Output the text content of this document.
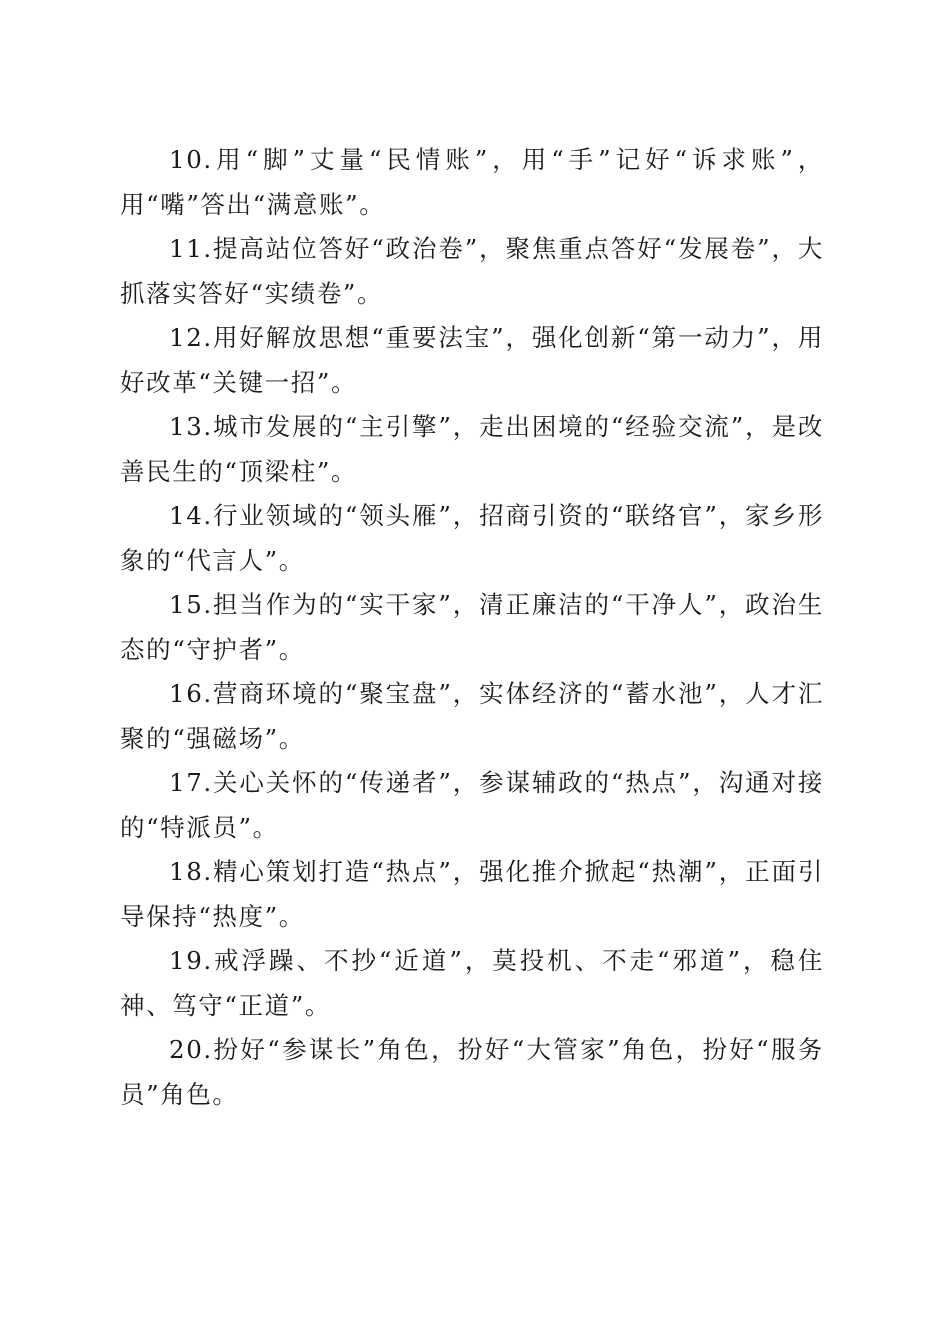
10.用“脚”丈量“民情账”，用“手”记好“诉求账”，用“嘴”答出“满意账”。

11.提高站位答好“政治卷”，聚焦重点答好“发展卷”，大抓落实答好“实绩卷”。

12.用好解放思想“重要法宝”，强化创新“第一动力”，用好改革“关键一招”。

13.城市发展的“主引擎”，走出困境的“经验交流”，是改善民生的“顶梁柱”。

14.行业领域的“领头雁”，招商引资的“联络官”，家乡形象的“代言人”。

15.担当作为的“实干家”，清正廉洁的“干净人”，政治生态的“守护者”。

16.营商环境的“聚宝盘”，实体经济的“蓄水池”，人才汇聚的“强磁场”。

17.关心关怀的“传递者”，参谋辅政的“热点”，沟通对接的“特派员”。

18.精心策划打造“热点”，强化推介掀起“热潮”，正面引导保持“热度”。

19.戒浮躁、不抄“近道”，莫投机、不走“邪道”，稳住神、笃守“正道”。

20.扮好“参谋长”角色，扮好“大管家”角色，扮好“服务员”角色。
